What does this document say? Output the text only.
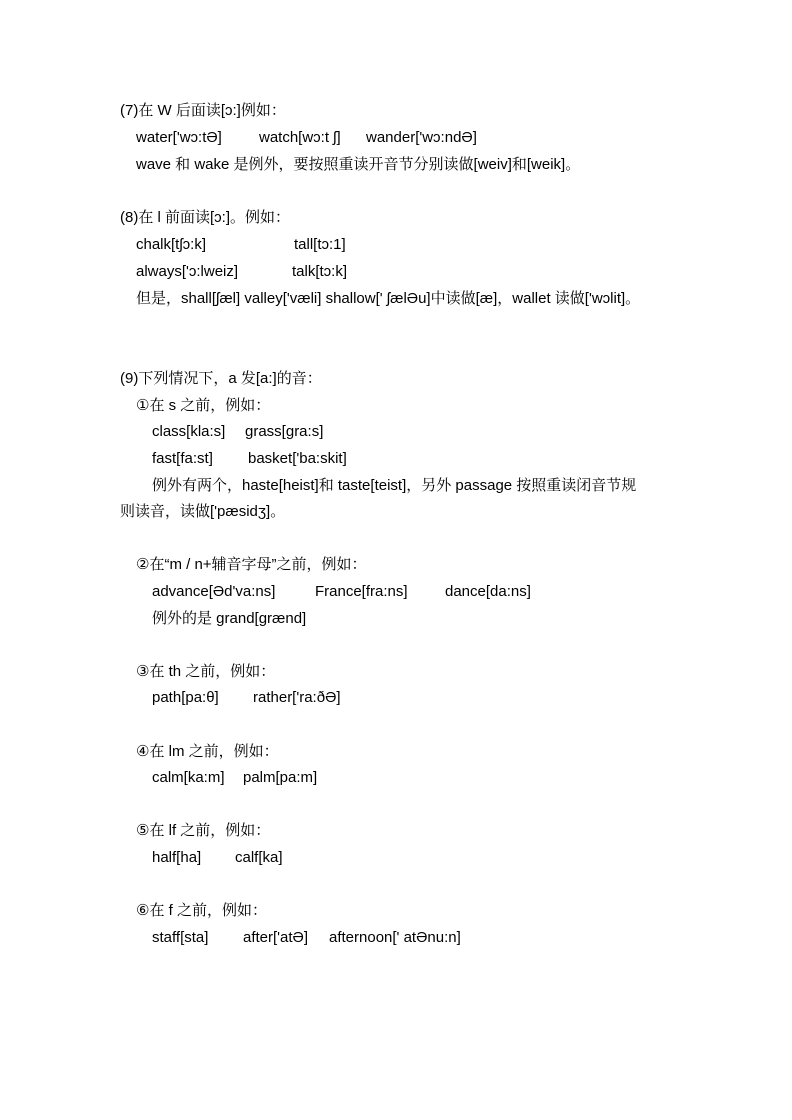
(7)在 W 后面读[ɔ:]例如：
water['wɔ:tƏ] watch[wɔ:t ʃ] wander['wɔ:ndƏ]
wave 和 wake 是例外，要按照重读开音节分别读做[weiv]和[weik]。
(8)在 l 前面读[ɔ:]。例如：
chalk[tʃɔ:k]	tall[tɔ:1]
always['ɔ:lweiz]	talk[tɔ:k]
但是，shall[ʃæl] valley['væli] shallow[' ʃælƏu]中读做[æ]，wallet 读做['wɔlit]。
(9)下列情况下，a 发[a:]的音：
①在 s 之前，例如：
class[kla:s] grass[gra:s]
fast[fa:st] basket['ba:skit]
例外有两个，haste[heist]和 taste[teist]，另外 passage 按照重读闭音节规
则读音，读做['pæsidʒ]。
②在“m / n+辅音字母”之前，例如：
advance[Əd'va:ns]	France[fra:ns] dance[da:ns]
例外的是 grand[grænd]
③在 th 之前，例如：
path[pa:θ] rather['ra:ðƏ]
④在 lm 之前，例如：
calm[ka:m] palm[pa:m]
⑤在 lf 之前，例如：
half[ha] calf[ka]
⑥在 f 之前，例如：
staff[sta] after['atƏ] afternoon[' atƏnu:n]
